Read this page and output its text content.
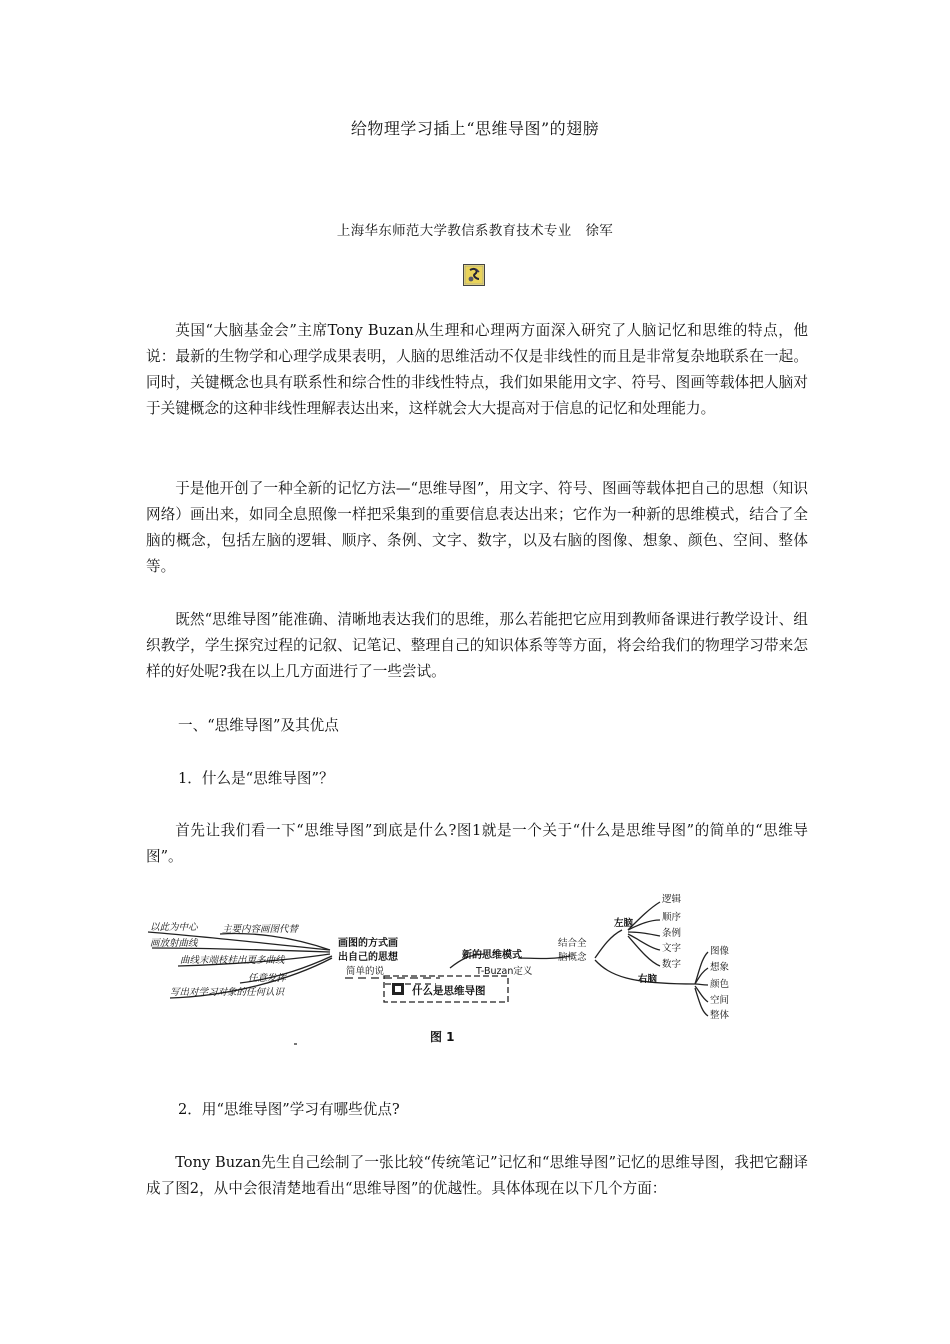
给物理学习插上“思维导图”的翅膀
上海华东师范大学教信系教育技术专业 徐军

英国“大脑基金会”主席Tony Buzan从生理和心理两方面深入研究了人脑记忆和思维的特点，他说：最新的生物学和心理学成果表明，人脑的思维活动不仅是非线性的而且是非常复杂地联系在一起。同时，关键概念也具有联系性和综合性的非线性特点，我们如果能用文字、符号、图画等载体把人脑对于关键概念的这种非线性理解表达出来，这样就会大大提高对于信息的记忆和处理能力。

于是他开创了一种全新的记忆方法—“思维导图”，用文字、符号、图画等载体把自己的思想（知识网络）画出来，如同全息照像一样把采集到的重要信息表达出来；它作为一种新的思维模式，结合了全脑的概念，包括左脑的逻辑、顺序、条例、文字、数字，以及右脑的图像、想象、颜色、空间、整体等。

既然“思维导图”能准确、清晰地表达我们的思维，那么若能把它应用到教师备课进行教学设计、组织教学，学生探究过程的记叙、记笔记、整理自己的知识体系等等方面，将会给我们的物理学习带来怎样的好处呢?我在以上几方面进行了一些尝试。

一、“思维导图”及其优点

1．什么是“思维导图”？

首先让我们看一下“思维导图”到底是什么?图1就是一个关于“什么是思维导图”的简单的“思维导图”。

以此为中心
画放射曲线
主要内容画图代替
曲线末端枝桂出更多曲线
任意发挥
写出对学习对象的任何认识
画图的方式画
出自己的思想
简单的说
什么是思维导图
新的思维模式
T-Buzan定义
结合全
脑概念
左脑
逻辑
顺序
条例
文字
数字
右脑
图像
想象
颜色
空间
整体
图 1

2．用“思维导图”学习有哪些优点?

Tony Buzan先生自己绘制了一张比较“传统笔记”记忆和“思维导图”记忆的思维导图，我把它翻译成了图2，从中会很清楚地看出“思维导图”的优越性。具体体现在以下几个方面：
